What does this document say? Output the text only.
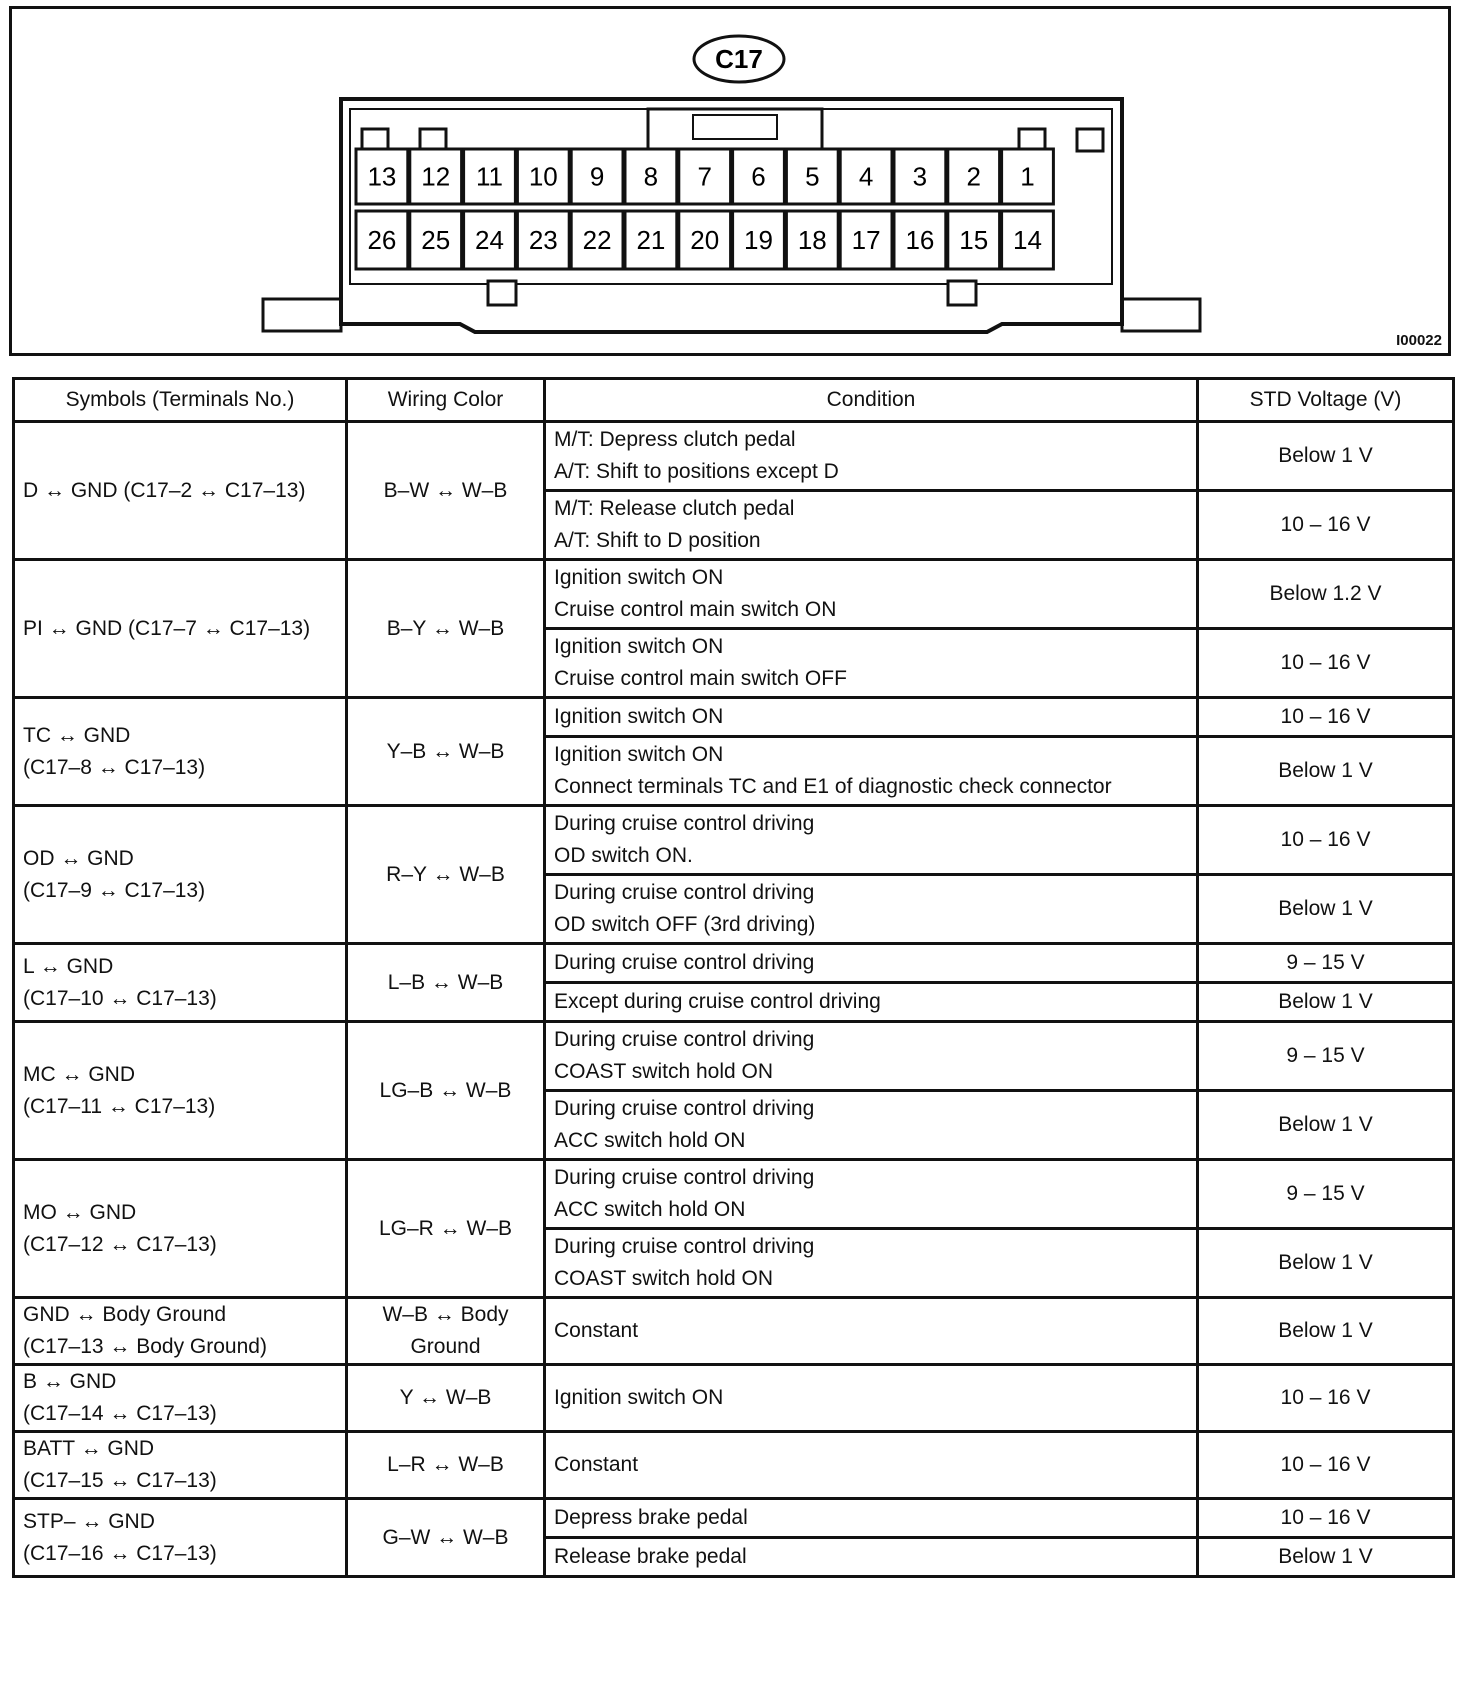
C17
13 12 11 10 9 8 7 6 5 4 3 2 1
26 25 24 23 22 21 20 19 18 17 16 15 14
I00022
Symbols (Terminals No.)	Wiring Color	Condition	STD Voltage (V)

D ↔ GND (C17–2 ↔ C17–13)	B–W ↔ W–B	M/T: Depress clutch pedal
A/T: Shift to positions except D	Below 1 V

		M/T: Release clutch pedal
A/T: Shift to D position	10 – 16 V

PI ↔ GND (C17–7 ↔ C17–13)	B–Y ↔ W–B	Ignition switch ON
Cruise control main switch ON	Below 1.2 V

		Ignition switch ON
Cruise control main switch OFF	10 – 16 V

TC ↔ GND
(C17–8 ↔ C17–13)	Y–B ↔ W–B	Ignition switch ON	10 – 16 V

		Ignition switch ON
Connect terminals TC and E1 of diagnostic check connector	Below 1 V

OD ↔ GND
(C17–9 ↔ C17–13)	R–Y ↔ W–B	During cruise control driving
OD switch ON.	10 – 16 V

		During cruise control driving
OD switch OFF (3rd driving)	Below 1 V

L ↔ GND
(C17–10 ↔ C17–13)	L–B ↔ W–B	During cruise control driving	9 – 15 V

		Except during cruise control driving	Below 1 V

MC ↔ GND
(C17–11 ↔ C17–13)	LG–B ↔ W–B	During cruise control driving
COAST switch hold ON	9 – 15 V

		During cruise control driving
ACC switch hold ON	Below 1 V

MO ↔ GND
(C17–12 ↔ C17–13)	LG–R ↔ W–B	During cruise control driving
ACC switch hold ON	9 – 15 V

		During cruise control driving
COAST switch hold ON	Below 1 V

GND ↔ Body Ground
(C17–13 ↔ Body Ground)	W–B ↔ Body
Ground	Constant	Below 1 V

B ↔ GND
(C17–14 ↔ C17–13)	Y ↔ W–B	Ignition switch ON	10 – 16 V

BATT ↔ GND
(C17–15 ↔ C17–13)	L–R ↔ W–B	Constant	10 – 16 V

STP– ↔ GND
(C17–16 ↔ C17–13)	G–W ↔ W–B	Depress brake pedal	10 – 16 V

		Release brake pedal	Below 1 V
